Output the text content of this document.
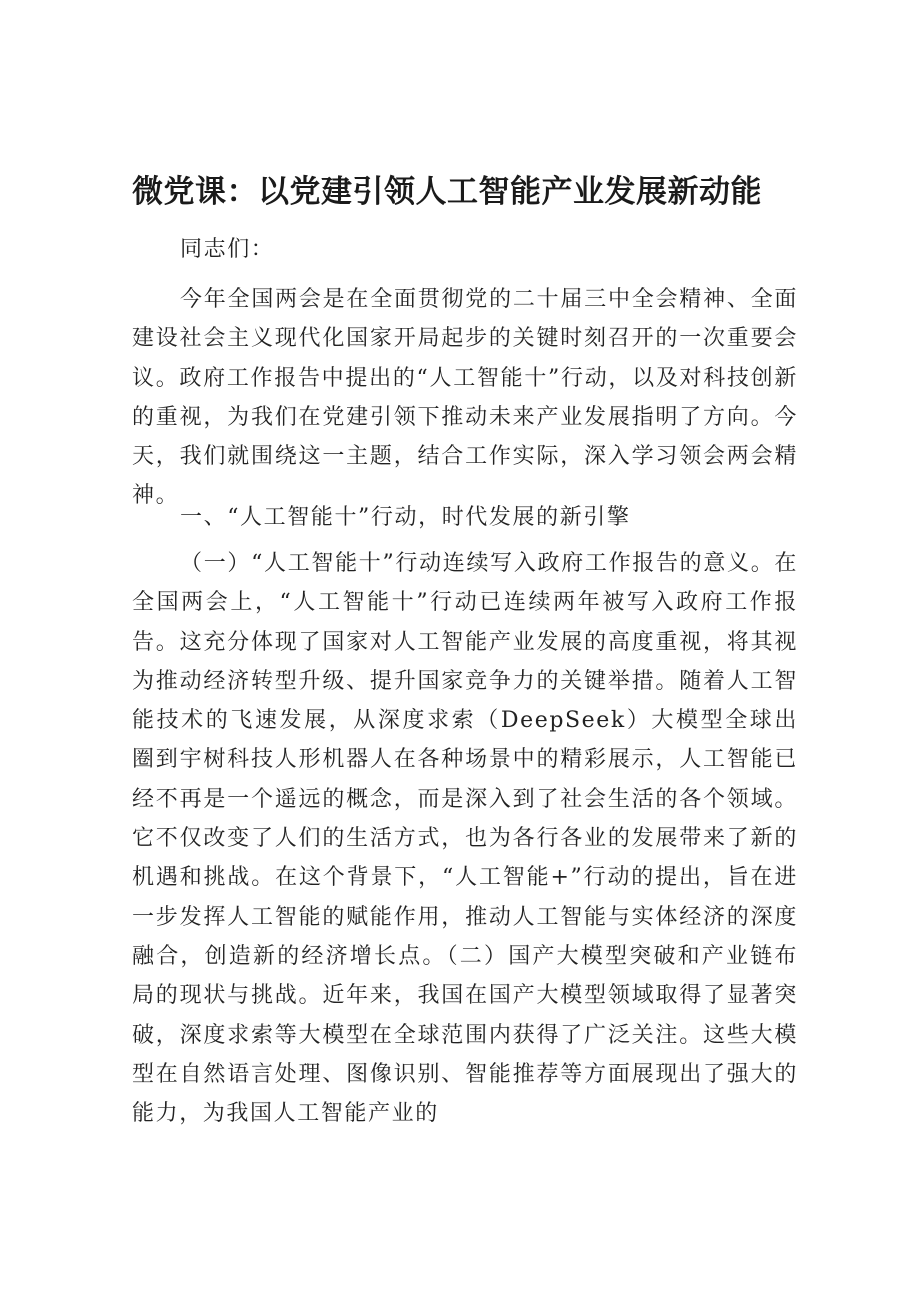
微党课：以党建引领人工智能产业发展新动能

同志们：

今年全国两会是在全面贯彻党的二十届三中全会精神、全面建设社会主义现代化国家开局起步的关键时刻召开的一次重要会议。政府工作报告中提出的“人工智能十”行动，以及对科技创新的重视，为我们在党建引领下推动未来产业发展指明了方向。今天，我们就围绕这一主题，结合工作实际，深入学习领会两会精神。

一、“人工智能十”行动，时代发展的新引擎

（一）“人工智能十”行动连续写入政府工作报告的意义。在全国两会上，“人工智能十”行动已连续两年被写入政府工作报告。这充分体现了国家对人工智能产业发展的高度重视，将其视为推动经济转型升级、提升国家竞争力的关键举措。随着人工智能技术的飞速发展，从深度求索（DeepSeek）大模型全球出圈到宇树科技人形机器人在各种场景中的精彩展示，人工智能已经不再是一个遥远的概念，而是深入到了社会生活的各个领域。它不仅改变了人们的生活方式，也为各行各业的发展带来了新的机遇和挑战。在这个背景下，“人工智能+”行动的提出，旨在进一步发挥人工智能的赋能作用，推动人工智能与实体经济的深度融合，创造新的经济增长点。（二）国产大模型突破和产业链布局的现状与挑战。近年来，我国在国产大模型领域取得了显著突破，深度求索等大模型在全球范围内获得了广泛关注。这些大模型在自然语言处理、图像识别、智能推荐等方面展现出了强大的能力，为我国人工智能产业的
